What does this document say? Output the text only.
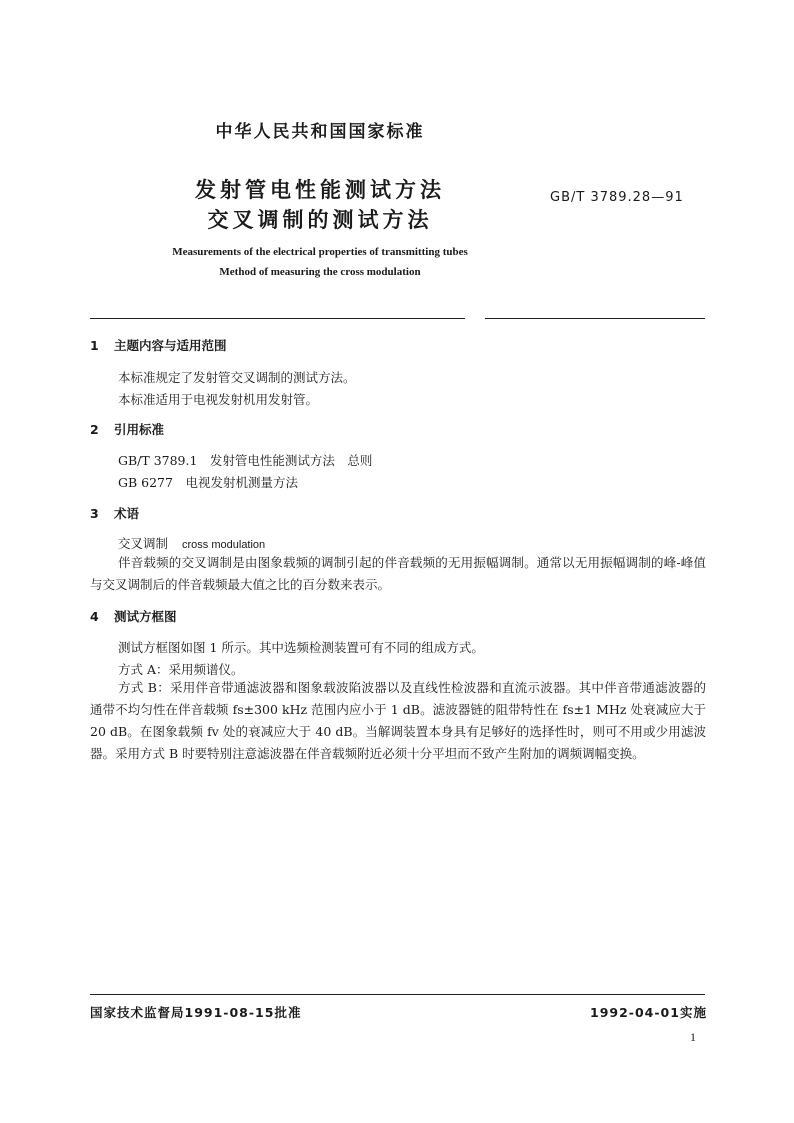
中华人民共和国国家标准
发射管电性能测试方法
交叉调制的测试方法
GB/T 3789.28—91
Measurements of the electrical properties of transmitting tubes
Method of measuring the cross modulation
1 主题内容与适用范围
本标准规定了发射管交叉调制的测试方法。
本标准适用于电视发射机用发射管。
2 引用标准
GB/T 3789.1　发射管电性能测试方法　总则
GB 6277　电视发射机测量方法
3 术语
交叉调制 cross modulation
伴音载频的交叉调制是由图象载频的调制引起的伴音载频的无用振幅调制。通常以无用振幅调制的峰-峰值与交叉调制后的伴音载频最大值之比的百分数来表示。
4 测试方框图
测试方框图如图 1 所示。其中选频检测装置可有不同的组成方式。
方式 A：采用频谱仪。
方式 B：采用伴音带通滤波器和图象载波陷波器以及直线性检波器和直流示波器。其中伴音带通滤波器的通带不均匀性在伴音载频 fs±300 kHz 范围内应小于 1 dB。滤波器链的阻带特性在 fs±1 MHz 处衰减应大于20 dB。在图象载频 fv 处的衰减应大于 40 dB。当解调装置本身具有足够好的选择性时，则可不用或少用滤波器。采用方式 B 时要特别注意滤波器在伴音载频附近必须十分平坦而不致产生附加的调频调幅变换。
国家技术监督局1991-08-15批准	1992-04-01实施
1
